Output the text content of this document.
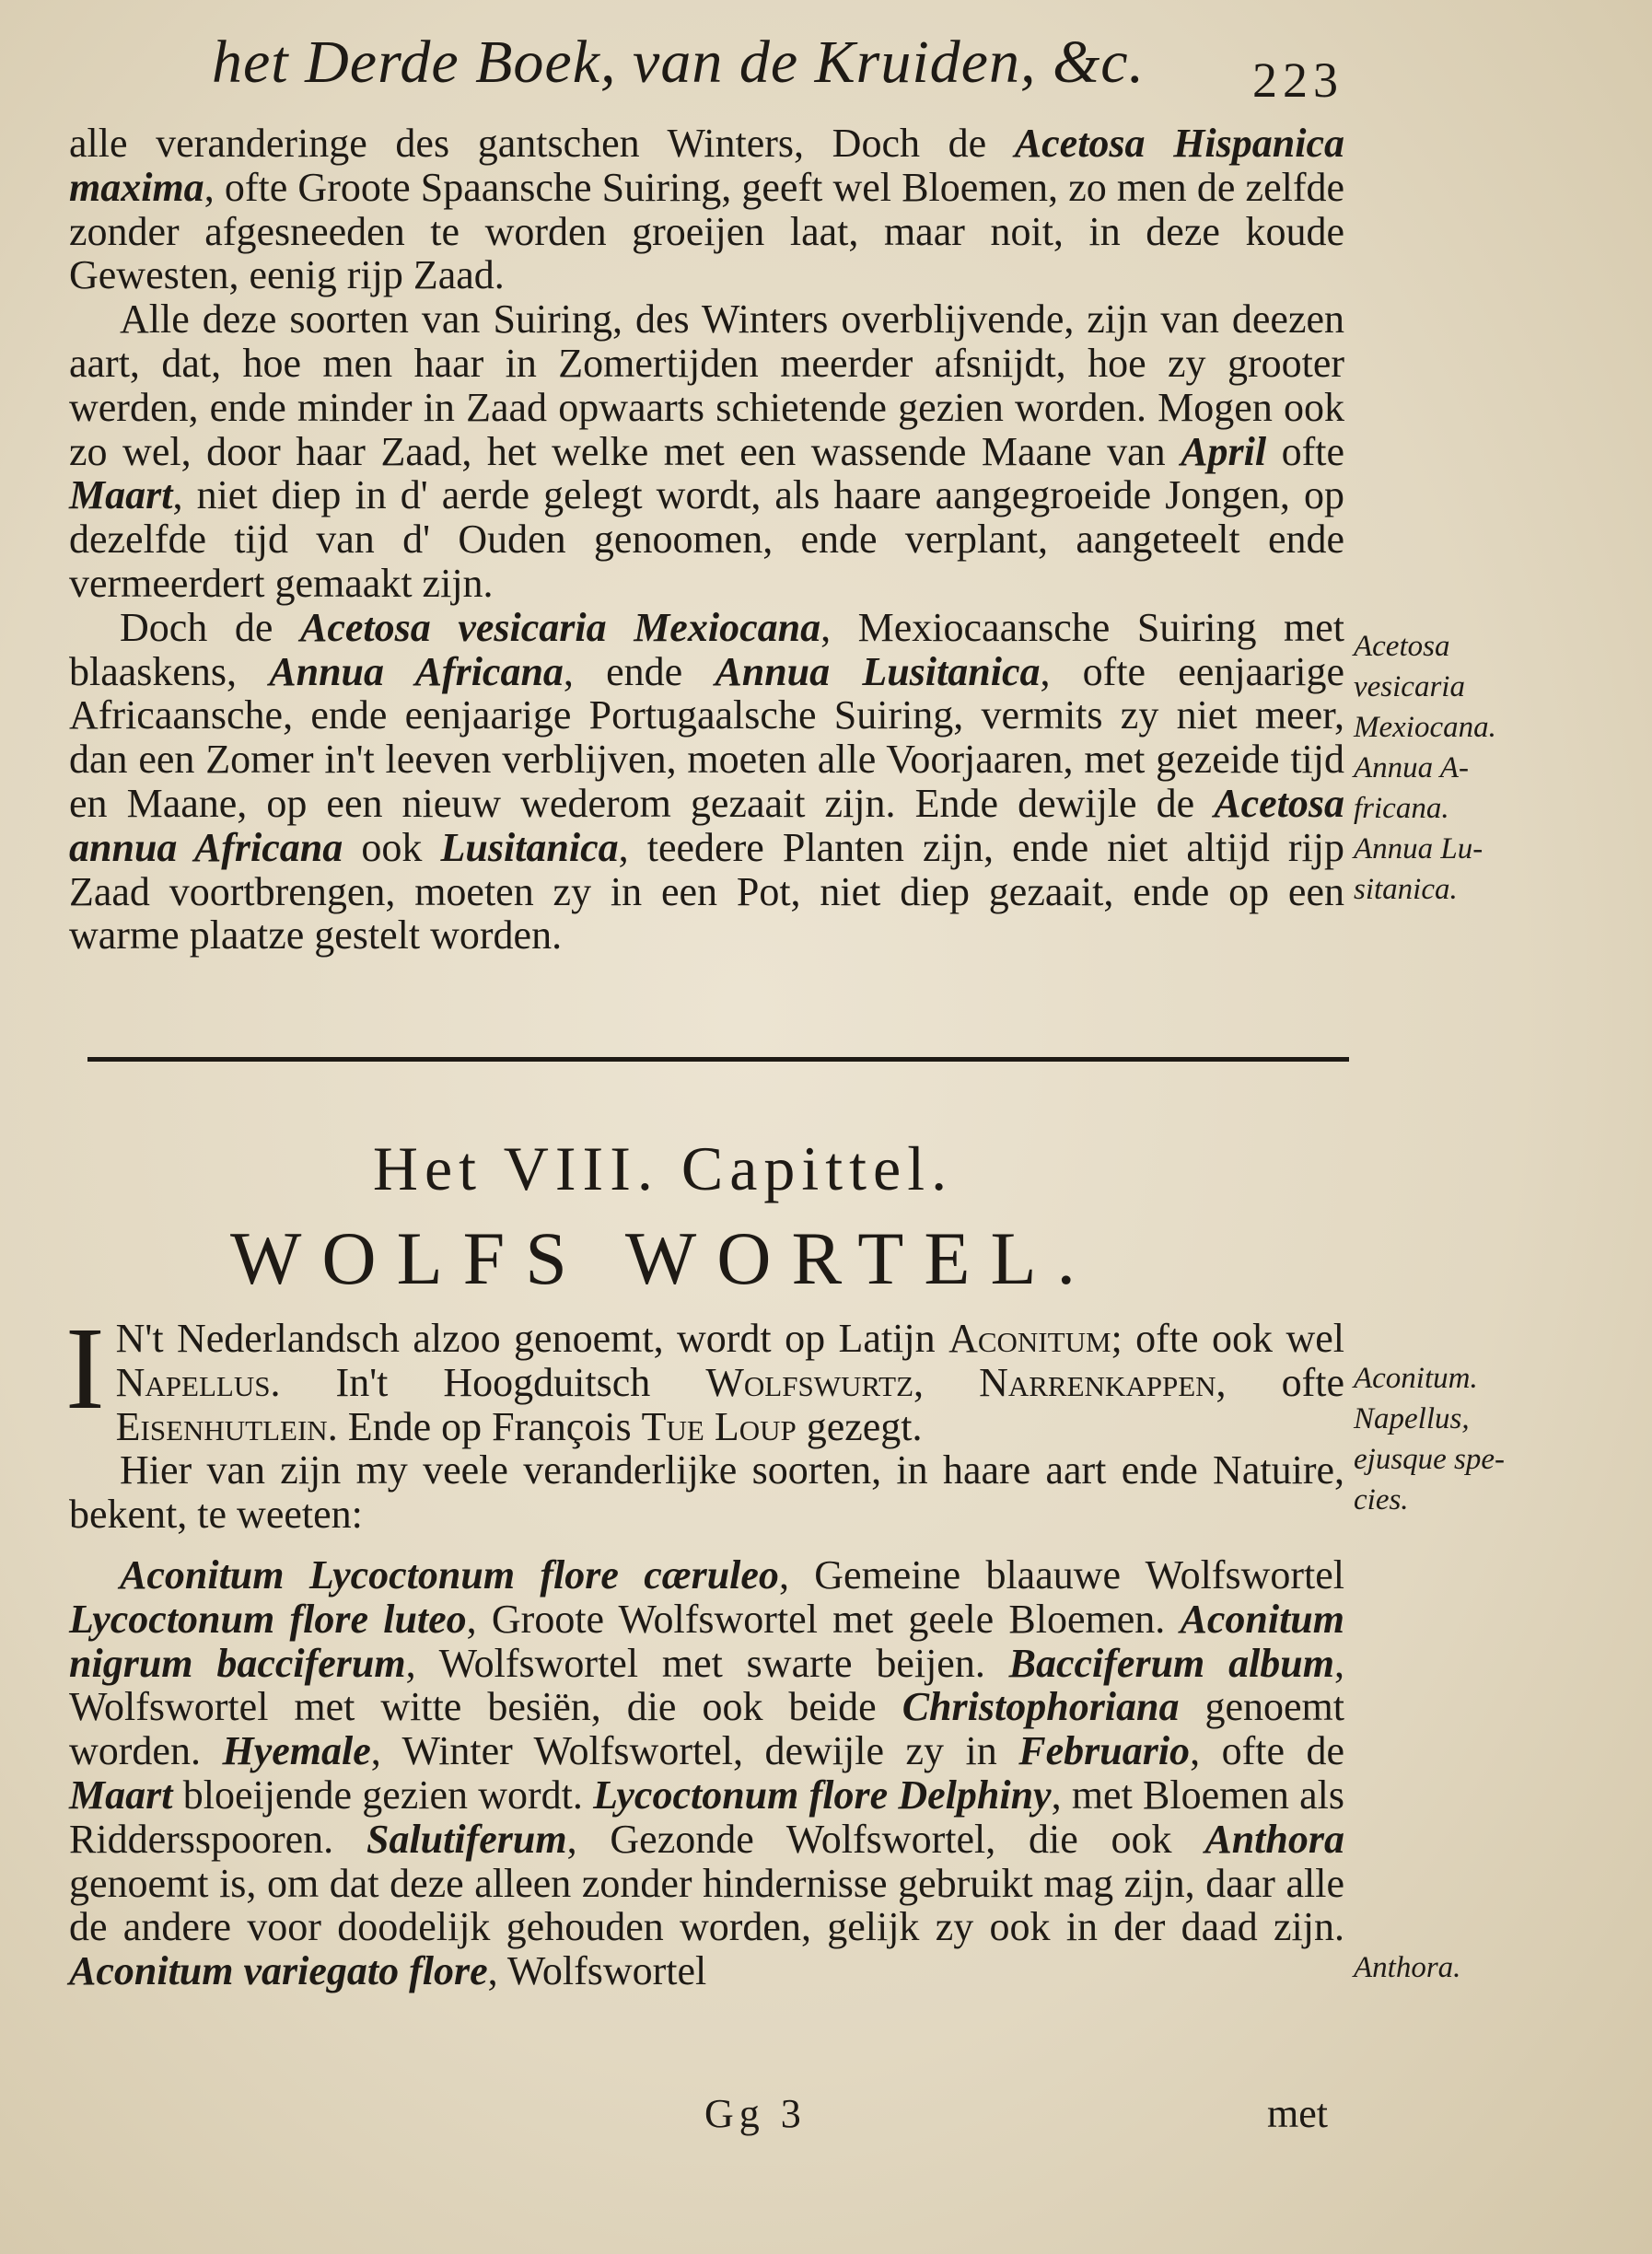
het Derde Boek, van de Kruiden, &c. 223

alle veranderinge des gantschen Winters, Doch de Acetosa Hispanica maxima, ofte Groote Spaansche Suiring, geeft wel Bloemen, zo men de zelfde zonder afgesneeden te worden groeijen laat, maar noit, in deze koude Gewesten, eenig rijp Zaad.

Alle deze soorten van Suiring, des Winters overblijvende, zijn van deezen aart, dat, hoe men haar in Zomertijden meerder afsnijdt, hoe zy grooter werden, ende minder in Zaad opwaarts schietende gezien worden. Mogen ook zo wel, door haar Zaad, het welke met een wassende Maane van April ofte Maart, niet diep in d' aerde gelegt wordt, als haare aangegroeide Jongen, op dezelfde tijd van d' Ouden genoomen, ende verplant, aangeteelt ende vermeerdert gemaakt zijn.

Doch de Acetosa vesicaria Mexiocana, Mexiocaansche Suiring met blaaskens, Annua Africana, ende Annua Lusitanica, ofte eenjaarige Africaansche, ende eenjaarige Portugaalsche Suiring, vermits zy niet meer, dan een Zomer in't leeven verblijven, moeten alle Voorjaaren, met gezeide tijd en Maane, op een nieuw wederom gezaait zijn. Ende dewijle de Acetosa annua Africana ook Lusitanica, teedere Planten zijn, ende niet altijd rijp Zaad voortbrengen, moeten zy in een Pot, niet diep gezaait, ende op een warme plaatze gestelt worden.

Acetosa
vesicaria
Mexiocana.
Annua A-
fricana.
Annua Lu-
sitanica.
Het VIII. Capittel.
WOLFS WORTEL.

I N't Nederlandsch alzoo genoemt, wordt op Latijn Aconitum; ofte ook wel Napellus. In't Hoogduitsch Wolfswurtz, Narrenkappen, ofte Eisenhutlein. Ende op François Tue Loup gezegt.

Hier van zijn my veele veranderlijke soorten, in haare aart ende Natuire, bekent, te weeten:

Aconitum Lycoctonum flore cæruleo, Gemeine blaauwe Wolfswortel Lycoctonum flore luteo, Groote Wolfswortel met geele Bloemen. Aconitum nigrum bacciferum, Wolfswortel met swarte beijen. Bacciferum album, Wolfswortel met witte besiën, die ook beide Christophoriana genoemt worden. Hyemale, Winter Wolfswortel, dewijle zy in Februario, ofte de Maart bloeijende gezien wordt. Lycoctonum flore Delphiny, met Bloemen als Riddersspooren. Salutiferum, Gezonde Wolfswortel, die ook Anthora genoemt is, om dat deze alleen zonder hindernisse gebruikt mag zijn, daar alle de andere voor doodelijk gehouden worden, gelijk zy ook in der daad zijn. Aconitum variegato flore, Wolfswortel

Aconitum.
Napellus,
ejusque spe-
cies.
Anthora.
Gg 3	met
